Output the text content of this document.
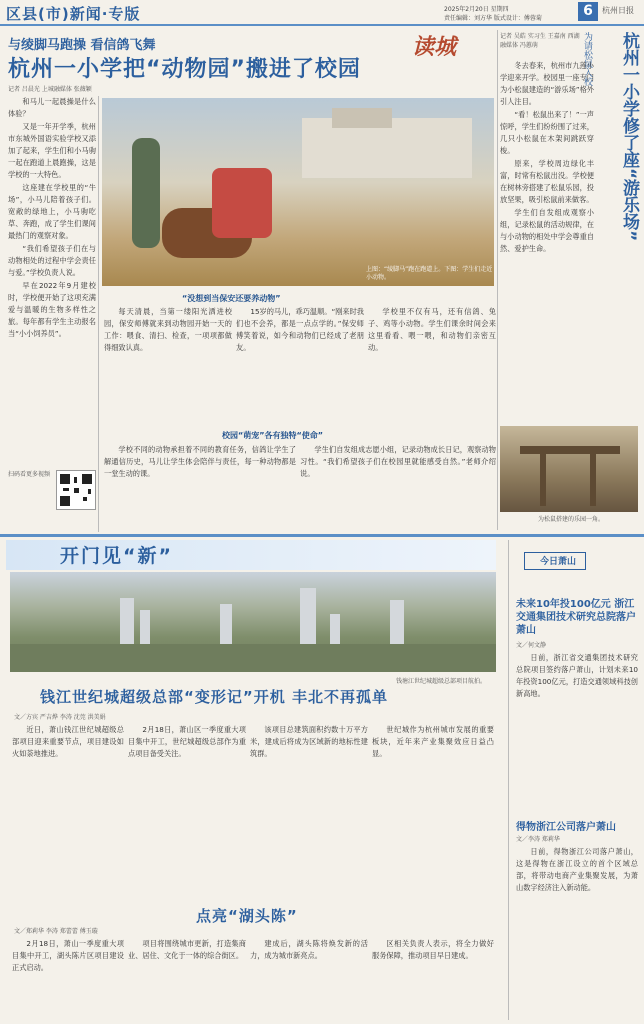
区县(市)新闻·专版	2025年2月20日 星期四
责任编辑：刘方华 版式设计：傅蓉菊	6	杭州日报
与绫脚马跑操 看信鸽飞舞
杭州一小学把“动物园”搬进了校园
读城
记者 吕晨光 上城融媒体 张薇颖

和马儿一起晨操是什么体验？

又是一年开学季，杭州市东城外国语实验学校又添加了起来，学生们和小马驹一起在跑道上晨跑操，这是学校的一大特色。

这座建在学校里的“牛场”，小马儿陪着孩子们。宽敞的绿地上，小马驹吃草、奔跑，成了学生们课间最热门的观察对象。

“我们希望孩子们在与动物相处的过程中学会责任与爱。”学校负责人说。

早在2022年9月建校时，学校便开始了这项充满爱与温暖的生物多样性之旅。每年都有学生主动报名当“小小饲养员”。

扫码看更多视频
上图：“绫脚马”跑在跑道上。下图：学生们走近小动物。
“没想到当保安还要养动物”

每天清晨，当第一缕阳光洒进校园，保安师傅就来到动物园开始一天的工作：喂食、清扫、检查，一项项都做得细致认真。

15岁的马儿，乖巧温顺。“刚来时我们也不会养，都是一点点学的。”保安师傅笑着说，如今和动物们已经成了老朋友。

学校里不仅有马，还有信鸽、兔子、鸡等小动物。学生们课余时间会来这里看看、喂一喂，和动物们亲密互动。

校园“萌宠”各有独特“使命”

学校不同的动物承担着不同的教育任务，信鸽让学生了解通信历史，马儿让学生体会陪伴与责任，每一种动物都是一堂生动的课。

学生们自发组成志愿小组，记录动物成长日记，观察动物习性。“我们希望孩子们在校园里就能感受自然。”老师介绍说。

为请松鼠入校	杭州一小学修了座“游乐场”
记者 吴皓 实习生 王嘉南 西湖融媒体 冯蕙萌

冬去春来，杭州市九莲小学迎来开学。校园里一座专门为小松鼠建造的“游乐场”格外引人注目。

“看！松鼠出来了！”一声惊呼，学生们纷纷围了过来，几只小松鼠在木架间跳跃穿梭。

原来，学校周边绿化丰富，时常有松鼠出没。学校便在树林旁搭建了松鼠乐园，投放坚果，吸引松鼠前来做客。

学生们自发组成观察小组，记录松鼠的活动规律，在与小动物的相处中学会尊重自然、爱护生命。

为松鼠搭建的乐园一角。
开门见“新”	今日萧山
钱塘江世纪城超级总部项目航拍。
钱江世纪城超级总部“变形记”开机 丰北不再孤单
文／方宾 严吉烨 李涛 沈莞 洪美娟

近日，萧山钱江世纪城超级总部项目迎来重要节点，项目建设如火如荼地推进。

2月18日，萧山区一季度重大项目集中开工，世纪城超级总部作为重点项目备受关注。

该项目总建筑面积约数十万平方米，建成后将成为区域新的地标性建筑群。

世纪城作为杭州城市发展的重要板块，近年来产业集聚效应日益凸显。

点亮“湖头陈”
文／郑莉华 李涛 郑蕾蕾 傅玉璇

2月18日，萧山一季度重大项目集中开工，湖头陈片区项目建设正式启动。

项目将围绕城市更新，打造集商业、居住、文化于一体的综合街区。

建成后，湖头陈将焕发新的活力，成为城市新亮点。

区相关负责人表示，将全力做好服务保障，推动项目早日建成。

未来10年投100亿元 浙江交通集团技术研究总院落户萧山
文／何文静

日前，浙江省交通集团技术研究总院项目签约落户萧山，计划未来10年投资100亿元，打造交通领域科技创新高地。

得物浙江公司落户萧山
文／李涛 郑莉华

日前，得物浙江公司落户萧山，这是得物在浙江设立的首个区域总部，将带动电商产业集聚发展，为萧山数字经济注入新动能。
